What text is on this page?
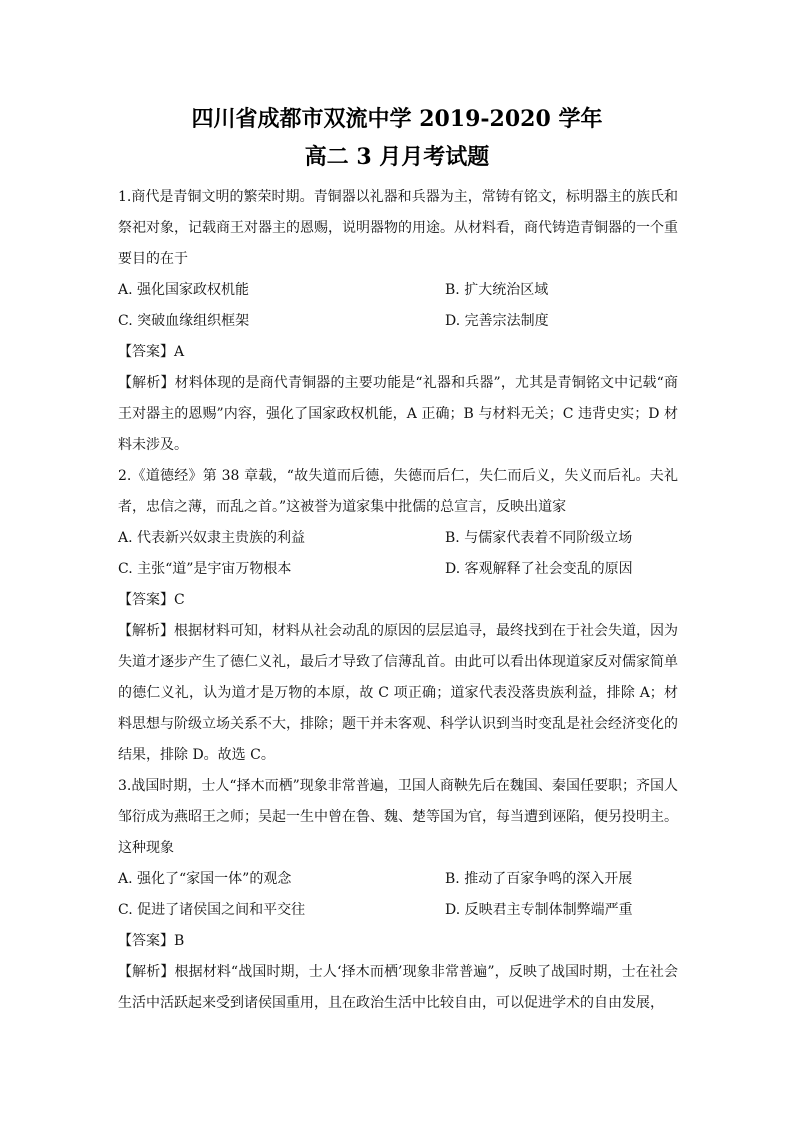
四川省成都市双流中学 2019-2020 学年
高二 3 月月考试题

1.商代是青铜文明的繁荣时期。青铜器以礼器和兵器为主，常铸有铭文，标明器主的族氏和祭祀对象，记载商王对器主的恩赐，说明器物的用途。从材料看，商代铸造青铜器的一个重要目的在于

A. 强化国家政权机能	B. 扩大统治区域

C. 突破血缘组织框架	D. 完善宗法制度

【答案】A

【解析】材料体现的是商代青铜器的主要功能是“礼器和兵器”，尤其是青铜铭文中记载“商王对器主的恩赐”内容，强化了国家政权机能，A 正确；B 与材料无关；C 违背史实；D 材料未涉及。

2.《道德经》第 38 章载，“故失道而后德，失德而后仁，失仁而后义，失义而后礼。夫礼者，忠信之薄，而乱之首。”这被誉为道家集中批儒的总宣言，反映出道家

A. 代表新兴奴隶主贵族的利益	B. 与儒家代表着不同阶级立场

C. 主张“道”是宇宙万物根本	D. 客观解释了社会变乱的原因

【答案】C

【解析】根据材料可知，材料从社会动乱的原因的层层追寻，最终找到在于社会失道，因为失道才逐步产生了德仁义礼，最后才导致了信薄乱首。由此可以看出体现道家反对儒家简单的德仁义礼，认为道才是万物的本原，故 C 项正确；道家代表没落贵族利益，排除 A；材料思想与阶级立场关系不大，排除；题干并未客观、科学认识到当时变乱是社会经济变化的结果，排除 D。故选 C。

3.战国时期，士人“择木而栖”现象非常普遍，卫国人商鞅先后在魏国、秦国任要职；齐国人邹衍成为燕昭王之师；吴起一生中曾在鲁、魏、楚等国为官，每当遭到诬陷，便另投明主。这种现象

A. 强化了“家国一体”的观念	B. 推动了百家争鸣的深入开展

C. 促进了诸侯国之间和平交往	D. 反映君主专制体制弊端严重

【答案】B

【解析】根据材料“战国时期，士人‘择木而栖’现象非常普遍”，反映了战国时期，士在社会生活中活跃起来受到诸侯国重用，且在政治生活中比较自由，可以促进学术的自由发展，
